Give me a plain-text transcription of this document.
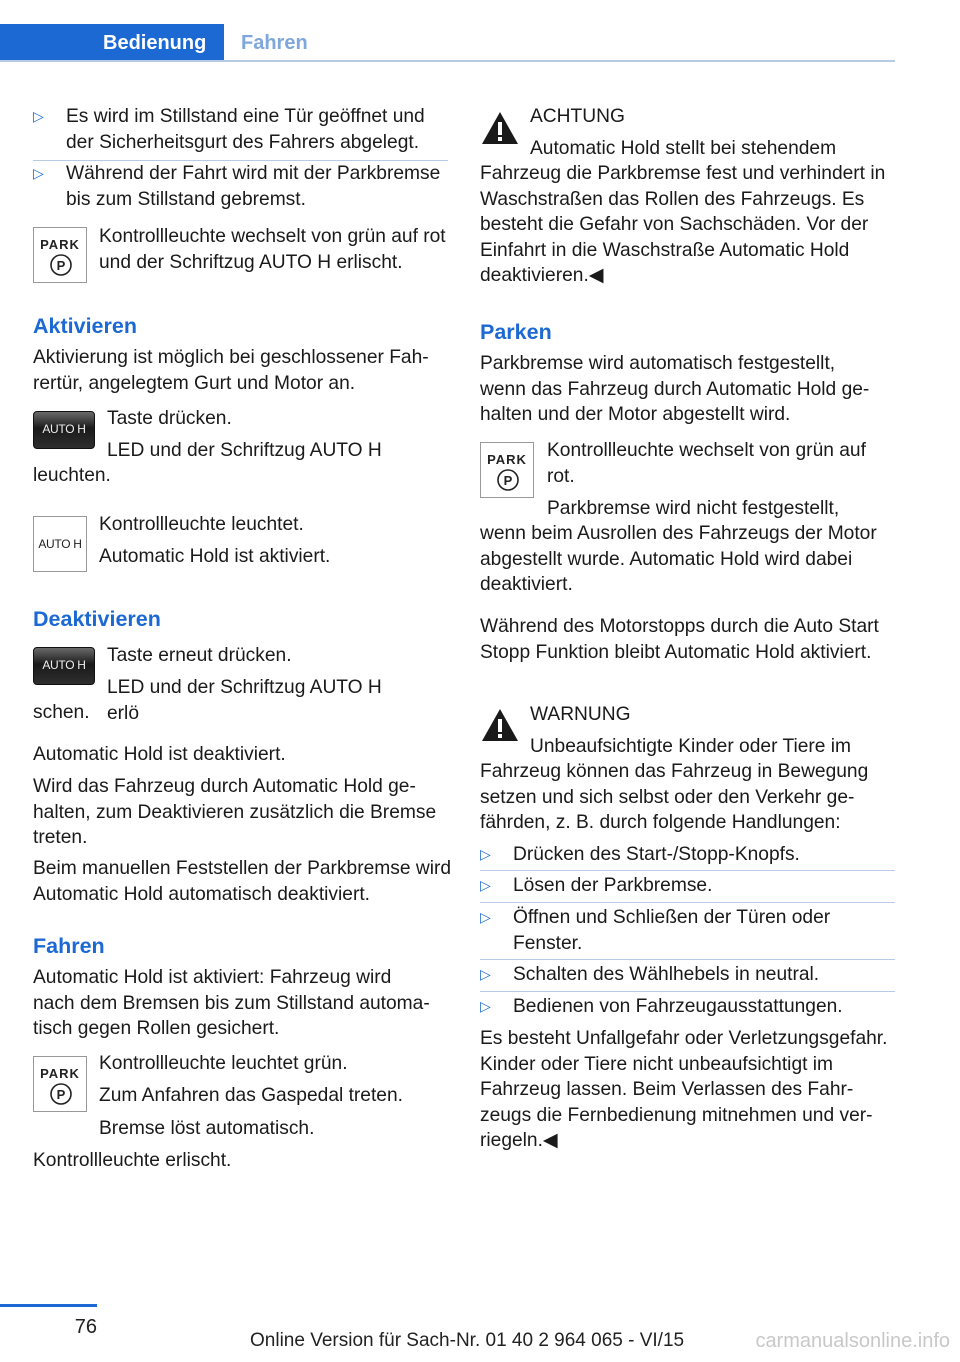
Bedienung	Fahren
▷ Es wird im Stillstand eine Tür geöffnet und der Sicherheitsgurt des Fahrers abgelegt.
▷ Während der Fahrt wird mit der Parkbremse bis zum Stillstand gebremst.
PARK
P

Kontrollleuchte wechselt von grün auf rot und der Schriftzug AUTO H erlischt.

Aktivieren

Aktivierung ist möglich bei geschlossener Fahrertür, angelegtem Gurt und Motor an.

AUTO H	Taste drücken.

LED und der Schriftzug AUTO H

leuchten.

AUTO H

Kontrollleuchte leuchtet.

Automatic Hold ist aktiviert.

Deaktivieren
AUTO H	Taste erneut drücken.

LED und der Schriftzug AUTO H erlö

schen.

Automatic Hold ist deaktiviert.

Wird das Fahrzeug durch Automatic Hold gehalten, zum Deaktivieren zusätzlich die Bremse treten.

Beim manuellen Feststellen der Parkbremse wird Automatic Hold automatisch deaktiviert.

Fahren

Automatic Hold ist aktiviert: Fahrzeug wird nach dem Bremsen bis zum Stillstand automatisch gegen Rollen gesichert.

PARK
P

Kontrollleuchte leuchtet grün.

Zum Anfahren das Gaspedal treten.

Bremse löst automatisch.

Kontrollleuchte erlischt.

ACHTUNG

Automatic Hold stellt bei stehendem

Fahrzeug die Parkbremse fest und verhindert in Waschstraßen das Rollen des Fahrzeugs. Es besteht die Gefahr von Sachschäden. Vor der Einfahrt in die Waschstraße Automatic Hold deaktivieren.◀

Parken

Parkbremse wird automatisch festgestellt, wenn das Fahrzeug durch Automatic Hold gehalten und der Motor abgestellt wird.

PARK
P

Kontrollleuchte wechselt von grün auf rot.

Parkbremse wird nicht festgestellt,

wenn beim Ausrollen des Fahrzeugs der Motor abgestellt wurde. Automatic Hold wird dabei deaktiviert.

Während des Motorstopps durch die Auto Start Stopp Funktion bleibt Automatic Hold aktiviert.

WARNUNG

Unbeaufsichtigte Kinder oder Tiere im

Fahrzeug können das Fahrzeug in Bewegung setzen und sich selbst oder den Verkehr gefährden, z. B. durch folgende Handlungen:

▷ Drücken des Start-/Stopp-Knopfs.
▷ Lösen der Parkbremse.
▷ Öffnen und Schließen der Türen oder Fenster.
▷ Schalten des Wählhebels in neutral.
▷ Bedienen von Fahrzeugausstattungen.

Es besteht Unfallgefahr oder Verletzungsgefahr. Kinder oder Tiere nicht unbeaufsichtigt im Fahrzeug lassen. Beim Verlassen des Fahrzeugs die Fernbedienung mitnehmen und verriegeln.◀

76
Online Version für Sach-Nr. 01 40 2 964 065 - VI/15	carmanualsonline.info
